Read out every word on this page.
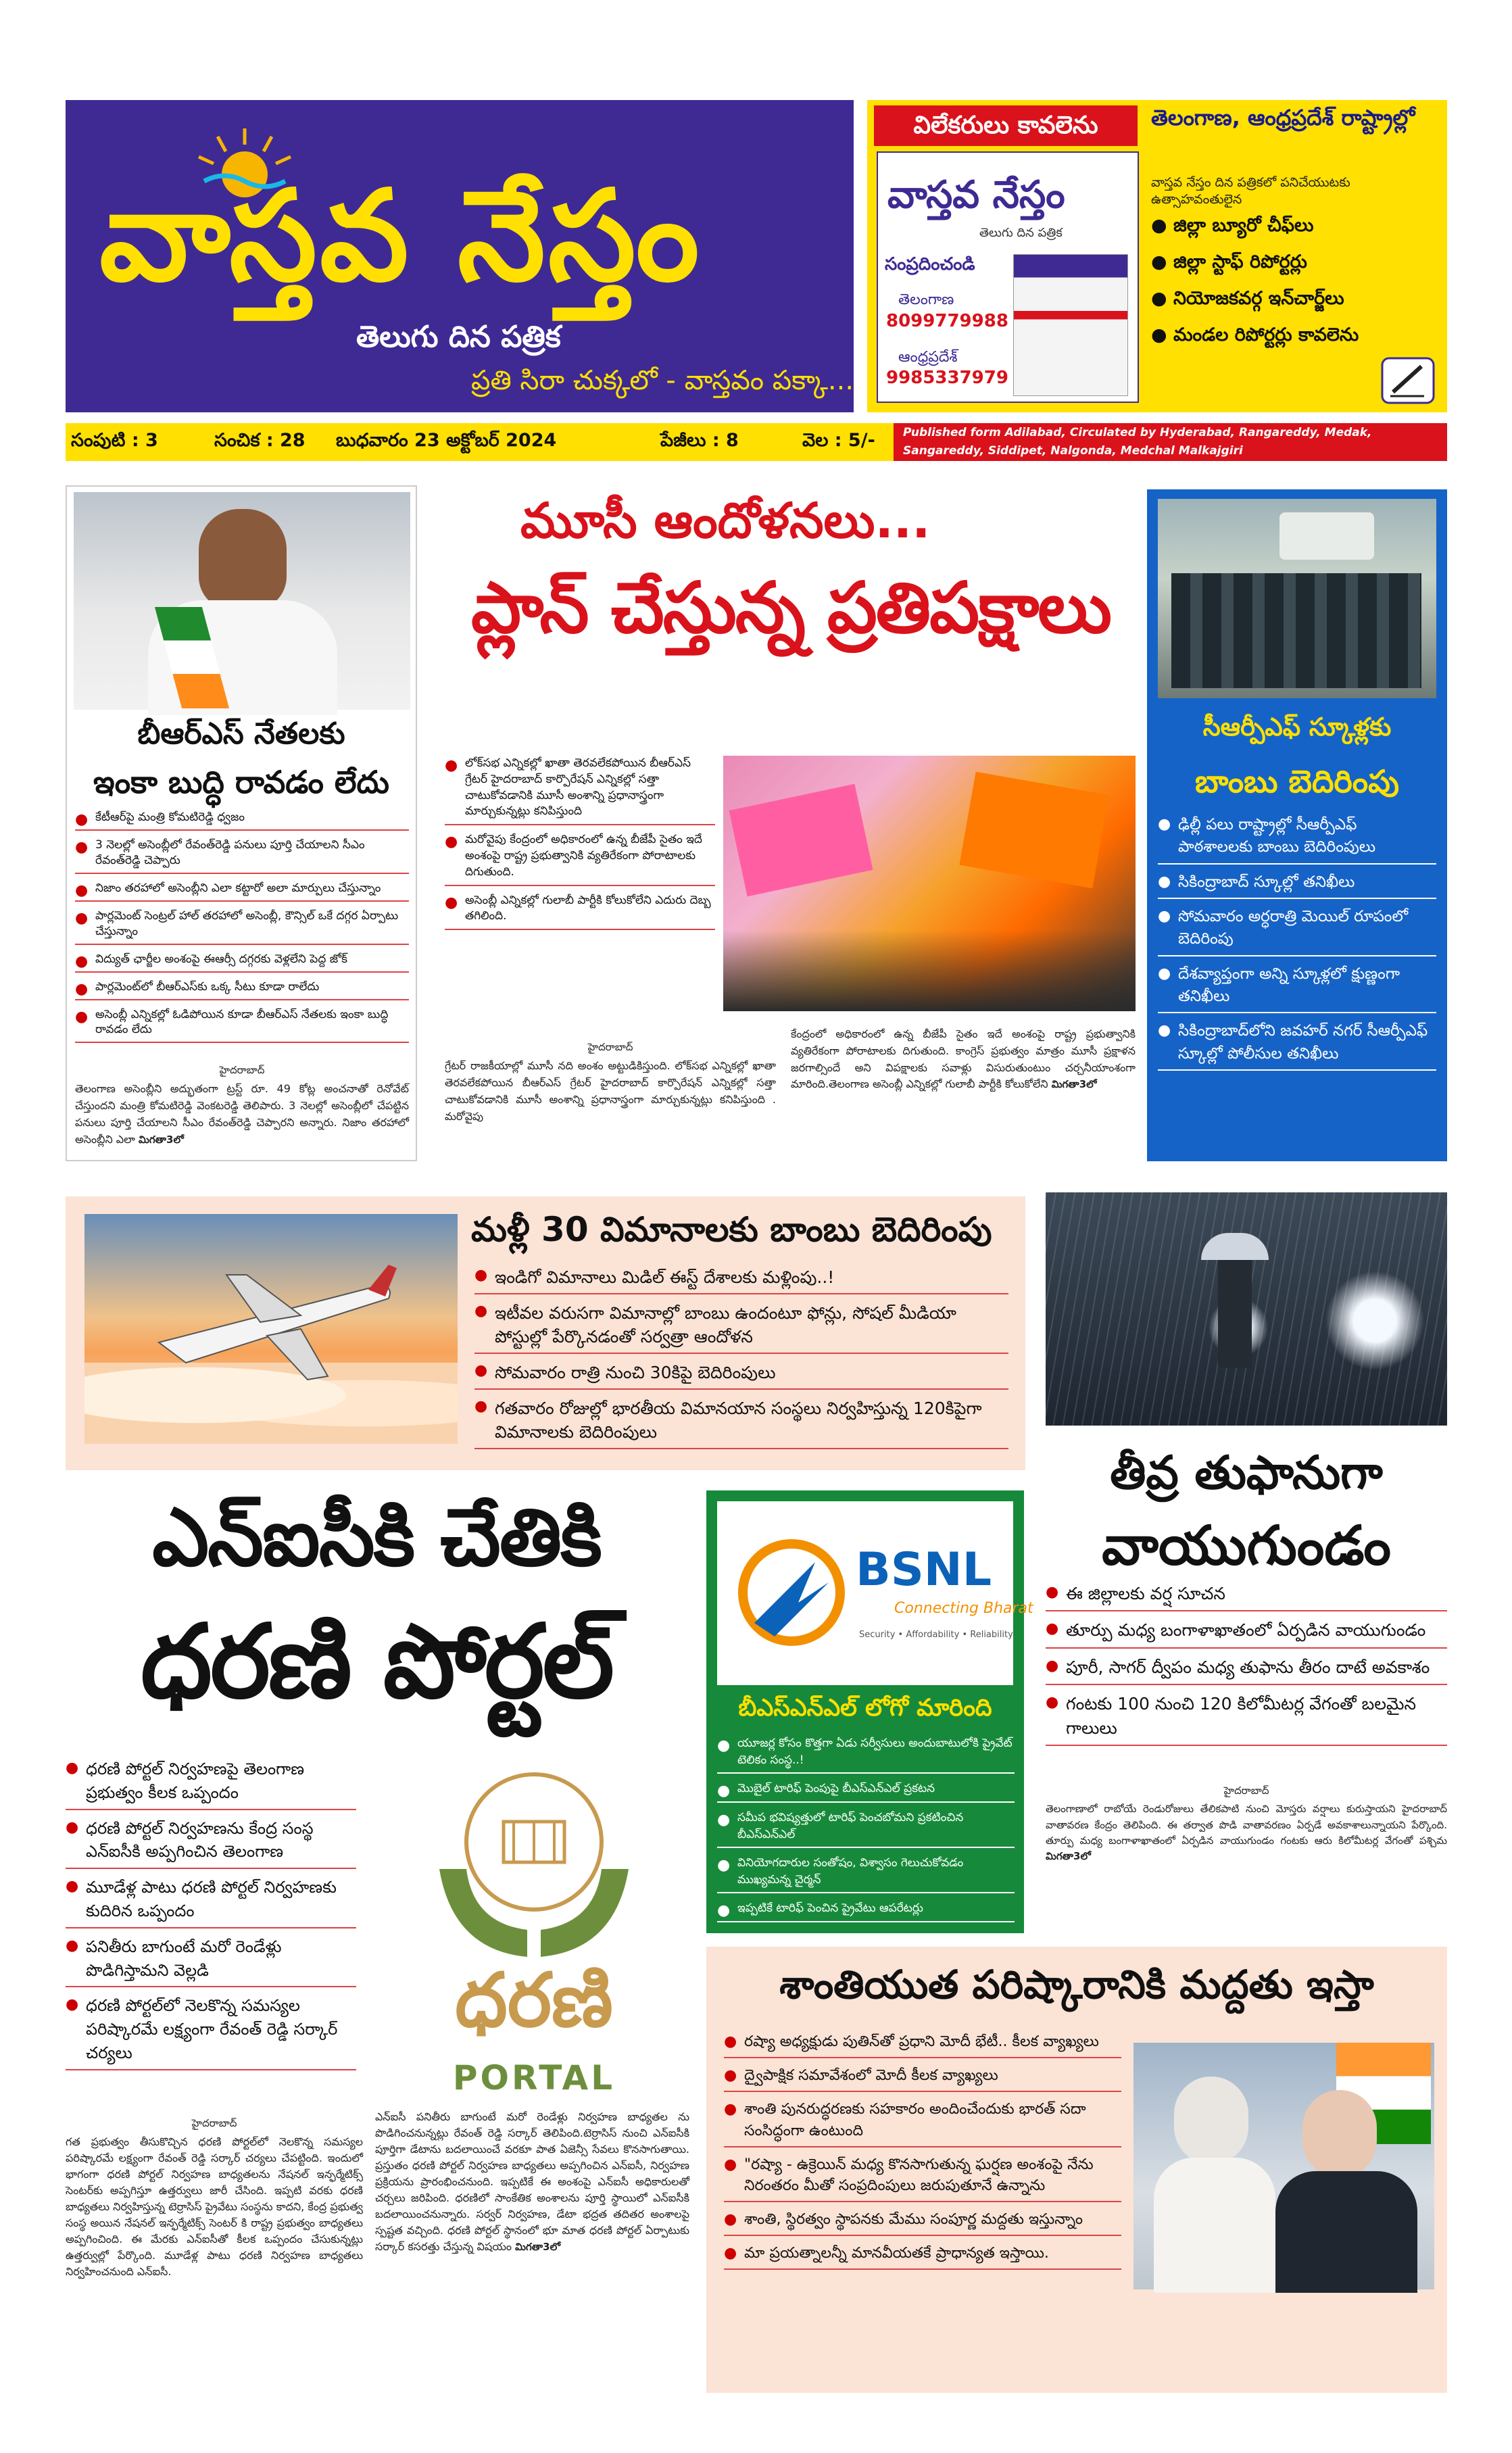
వాస్తవ నేస్తం
తెలుగు దిన పత్రిక
ప్రతి సిరా చుక్కలో - వాస్తవం పక్కా...
విలేకరులు కావలెను	తెలంగాణ, ఆంధ్రప్రదేశ్ రాష్ట్రాల్లో
వాస్తవ నేస్తం
తెలుగు దిన పత్రిక
సంప్రదించండి
తెలంగాణ
8099779988
ఆంధ్రప్రదేశ్
9985337979
వాస్తవ నేస్తం దిన పత్రికలో పనిచేయుటకు ఉత్సాహవంతులైన
● జిల్లా బ్యూరో చీఫ్‌లు
● జిల్లా స్టాఫ్ రిపోర్టర్లు
● నియోజకవర్గ ఇన్‌చార్జ్‌లు
● మండల రిపోర్టర్లు కావలెను
సంపుటి : 3	సంచిక : 28 బుధవారం 23 అక్టోబర్ 2024	పేజీలు : 8	వెల : 5/-	Published form Adilabad, Circulated by Hyderabad, Rangareddy, Medak, Sangareddy, Siddipet, Nalgonda, Medchal Malkajgiri
బీఆర్ఎస్ నేతలకు
ఇంకా బుద్ధి రావడం లేదు
● కేటీఆర్‌పై మంత్రి కోమటిరెడ్డి ధ్వజం
● 3 నెలల్లో అసెంబ్లీలో రేవంత్‌రెడ్డి పనులు పూర్తి చేయాలని సీఎం రేవంత్‌రెడ్డి చెప్పారు
● నిజాం తరహాలో అసెంబ్లీని ఎలా కట్టారో అలా మార్పులు చేస్తున్నాం
● పార్లమెంట్ సెంట్రల్ హాల్ తరహాలో అసెంబ్లీ, కౌన్సిల్ ఒకే దగ్గర ఏర్పాటు చేస్తున్నాం
● విద్యుత్ ఛార్జీల అంశంపై ఈఆర్సీ దగ్గరకు వెళ్లలేని పెద్ద జోక్
● పార్లమెంట్‌లో బీఆర్ఎస్‌కు ఒక్క సీటు కూడా రాలేదు
● అసెంబ్లీ ఎన్నికల్లో ఓడిపోయిన కూడా బీఆర్ఎస్ నేతలకు ఇంకా బుద్ధి రావడం లేదు
హైదరాబాద్
తెలంగాణ అసెంబ్లీని అద్భుతంగా ట్రస్ట్ రూ. 49 కోట్ల అంచనాతో రెనోవేట్ చేస్తుందని మంత్రి కోమటిరెడ్డి వెంకటరెడ్డి తెలిపారు. 3 నెలల్లో అసెంబ్లీలో చేపట్టిన పనులు పూర్తి చేయాలని సీఎం రేవంత్‌రెడ్డి చెప్పారని అన్నారు. నిజాం తరహాలో అసెంబ్లీని ఎలా మిగతా3లో
మూసీ ఆందోళనలు...
ప్లాన్ చేస్తున్న ప్రతిపక్షాలు
● లోక్‌సభ ఎన్నికల్లో ఖాతా తెరవలేకపోయిన బీఆర్ఎస్ గ్రేటర్ హైదరాబాద్ కార్పొరేషన్ ఎన్నికల్లో సత్తా చాటుకోవడానికి మూసీ అంశాన్ని ప్రధానాస్త్రంగా మార్చుకున్నట్లు కనిపిస్తుంది
● మరోవైపు కేంద్రంలో అధికారంలో ఉన్న బీజేపీ సైతం ఇదే అంశంపై రాష్ట్ర ప్రభుత్వానికి వ్యతిరేకంగా పోరాటాలకు దిగుతుంది.
● అసెంబ్లీ ఎన్నికల్లో గులాబీ పార్టీకి కోలుకోలేని ఎదురు దెబ్బ తగిలింది.
హైదరాబాద్
గ్రేటర్ రాజకీయాల్లో మూసీ నది అంశం అట్టుడికిస్తుంది. లోక్‌సభ ఎన్నికల్లో ఖాతా తెరవలేకపోయిన బీఆర్ఎస్ గ్రేటర్ హైదరాబాద్ కార్పొరేషన్ ఎన్నికల్లో సత్తా చాటుకోవడానికి మూసీ అంశాన్ని ప్రధానాస్త్రంగా మార్చుకున్నట్లు కనిపిస్తుంది . మరోవైపు
కేంద్రంలో అధికారంలో ఉన్న బీజేపీ సైతం ఇదే అంశంపై రాష్ట్ర ప్రభుత్వానికి వ్యతిరేకంగా పోరాటాలకు దిగుతుంది. కాంగ్రెస్ ప్రభుత్వం మాత్రం మూసీ ప్రక్షాళన జరగాల్సిందే అని విపక్షాలకు సవాళ్లు విసురుతుంటుం చర్చనీయాంశంగా మారింది.తెలంగాణ అసెంబ్లీ ఎన్నికల్లో గులాబీ పార్టీకి కోలుకోలేని మిగతా3లో
సీఆర్పీఎఫ్ స్కూళ్లకు
బాంబు బెదిరింపు
● ఢిల్లీ పలు రాష్ట్రాల్లో సీఆర్పీఎఫ్ పాఠశాలలకు బాంబు బెదిరింపులు
● సికింద్రాబాద్ స్కూల్లో తనిఖీలు
● సోమవారం అర్ధరాత్రి మెయిల్ రూపంలో బెదిరింపు
● దేశవ్యాప్తంగా అన్ని స్కూళ్లలో క్షుణ్ణంగా తనిఖీలు
● సికింద్రాబాద్‌లోని జవహర్ నగర్ సీఆర్పీఎఫ్ స్కూల్లో పోలీసుల తనిఖీలు
మళ్లీ 30 విమానాలకు బాంబు బెదిరింపు
● ఇండిగో విమానాలు మిడిల్ ఈస్ట్ దేశాలకు మళ్లింపు..!
● ఇటీవల వరుసగా విమానాల్లో బాంబు ఉందంటూ ఫోన్లు, సోషల్ మీడియా పోస్టుల్లో పేర్కొనడంతో సర్వత్రా ఆందోళన
● సోమవారం రాత్రి నుంచి 30కిపై బెదిరింపులు
● గతవారం రోజుల్లో భారతీయ విమానయాన సంస్థలు నిర్వహిస్తున్న 120కిపైగా విమానాలకు బెదిరింపులు
తీవ్ర తుఫానుగా
వాయుగుండం
● ఈ జిల్లాలకు వర్ష సూచన
● తూర్పు మధ్య బంగాళాఖాతంలో ఏర్పడిన వాయుగుండం
● పూరీ, సాగర్ ద్వీపం మధ్య తుఫాను తీరం దాటే అవకాశం
● గంటకు 100 నుంచి 120 కిలోమీటర్ల వేగంతో బలమైన గాలులు
హైదరాబాద్
తెలంగాణాలో రాబోయే రెండురోజులు తేలికపాటి నుంచి మోస్తరు వర్షాలు కురుస్తాయని హైదరాబాద్ వాతావరణ కేంద్రం తెలిపింది. ఈ తర్వాత పొడి వాతావరణం ఏర్పడే అవకాశాలున్నాయని పేర్కొంది. తూర్పు మధ్య బంగాళాఖాతంలో ఏర్పడిన వాయుగుండం గంటకు ఆరు కిలోమీటర్ల వేగంతో పశ్చిమ మిగతా3లో
ఎన్ఐసీకి చేతికి
ధరణి పోర్టల్
● ధరణి పోర్టల్ నిర్వహణపై తెలంగాణ ప్రభుత్వం కీలక ఒప్పందం
● ధరణి పోర్టల్ నిర్వహణను కేంద్ర సంస్థ ఎన్ఐసీకి అప్పగించిన తెలంగాణ
● మూడేళ్ల పాటు ధరణి పోర్టల్ నిర్వహణకు కుదిరిన ఒప్పందం
● పనితీరు బాగుంటే మరో రెండేళ్లు పొడిగిస్తామని వెల్లడి
● ధరణి పోర్టల్‌లో నెలకొన్న సమస్యల పరిష్కారమే లక్ష్యంగా రేవంత్ రెడ్డి సర్కార్ చర్యలు
ధరణి
PORTAL
హైదరాబాద్
గత ప్రభుత్వం తీసుకొచ్చిన ధరణి పోర్టల్‌లో నెలకొన్న సమస్యల పరిష్కారమే లక్ష్యంగా రేవంత్ రెడ్డి సర్కార్ చర్యలు చేపట్టింది. ఇందులో భాగంగా ధరణి పోర్టల్ నిర్వహణ బాధ్యతలను నేషనల్ ఇన్ఫర్మేటిక్స్ సెంటర్‌కు అప్పగిస్తూ ఉత్తర్వులు జారీ చేసింది. ఇప్పటి వరకు ధరణి బాధ్యతలు నిర్వహిస్తున్న టెర్రాసిస్ ప్రైవేటు సంస్థను కాదని, కేంద్ర ప్రభుత్వ సంస్థ అయిన నేషనల్ ఇన్ఫర్మేటిక్స్ సెంటర్ కి రాష్ట్ర ప్రభుత్వం బాధ్యతలు అప్పగించింది. ఈ మేరకు ఎన్ఐసీతో కీలక ఒప్పందం చేసుకున్నట్లు ఉత్తర్వుల్లో పేర్కొంది. మూడేళ్ల పాటు ధరణి నిర్వహణ బాధ్యతలు నిర్వహించనుంది ఎన్ఐసీ.
ఎన్ఐసీ పనితీరు బాగుంటే మరో రెండేళ్లు నిర్వహణ బాధ్యతల ను పొడిగించనున్నట్లు రేవంత్ రెడ్డి సర్కార్ తెలిపింది.టెర్రాసిస్ నుంచి ఎన్ఐసీకి పూర్తిగా డేటాను బదలాయించే వరకూ పాత ఏజెన్సీ సేవలు కొనసాగుతాయి. ప్రస్తుతం ధరణి పోర్టల్ నిర్వహణ బాధ్యతలు అప్పగించిన ఎన్ఐసీ, నిర్వహణ ప్రక్రియను ప్రారంభించనుంది. ఇప్పటికే ఈ అంశంపై ఎన్ఐసీ అధికారులతో చర్చలు జరిపింది. ధరణిలో సాంకేతిక అంశాలను పూర్తి స్థాయిలో ఎన్ఐసీకి బదలాయించనున్నారు. సర్వర్ నిర్వహణ, డేటా భద్రత తదితర అంశాలపై స్పష్టత వచ్చింది. ధరణి పోర్టల్ స్థానంలో భూ మాత ధరణి పోర్టల్ ఏర్పాటుకు సర్కార్ కసరత్తు చేస్తున్న విషయం మిగతా3లో
BSNL
Connecting Bharat
Security • Affordability • Reliability
బీఎస్ఎన్ఎల్ లోగో మారింది
● యూజర్ల కోసం కొత్తగా ఏడు సర్వీసులు అందుబాటులోకి ప్రైవేట్ టెలికం సంస్థ..!
● మొబైల్ టారిఫ్ పెంపుపై బీఎస్ఎన్ఎల్ ప్రకటన
● సమీప భవిష్యత్తులో టారిఫ్ పెంచబోమని ప్రకటించిన బీఎస్ఎన్ఎల్
● వినియోగదారుల సంతోషం, విశ్వాసం గెలుచుకోవడం ముఖ్యమన్న చైర్మన్
● ఇప్పటికే టారిఫ్ పెంచిన ప్రైవేటు ఆపరేటర్లు
శాంతియుత పరిష్కారానికి మద్దతు ఇస్తా
● రష్యా అధ్యక్షుడు పుతిన్‌తో ప్రధాని మోదీ భేటీ.. కీలక వ్యాఖ్యలు
● ద్వైపాక్షిక సమావేశంలో మోదీ కీలక వ్యాఖ్యలు
● శాంతి పునరుద్ధరణకు సహకారం అందించేందుకు భారత్ సదా సంసిద్ధంగా ఉంటుంది
● "రష్యా - ఉక్రెయిన్ మధ్య కొనసాగుతున్న ఘర్షణ అంశంపై నేను నిరంతరం మీతో సంప్రదింపులు జరుపుతూనే ఉన్నాను
● శాంతి, స్థిరత్వం స్థాపనకు మేము సంపూర్ణ మద్దతు ఇస్తున్నాం
● మా ప్రయత్నాలన్నీ మానవీయతకే ప్రాధాన్యత ఇస్తాయి.
